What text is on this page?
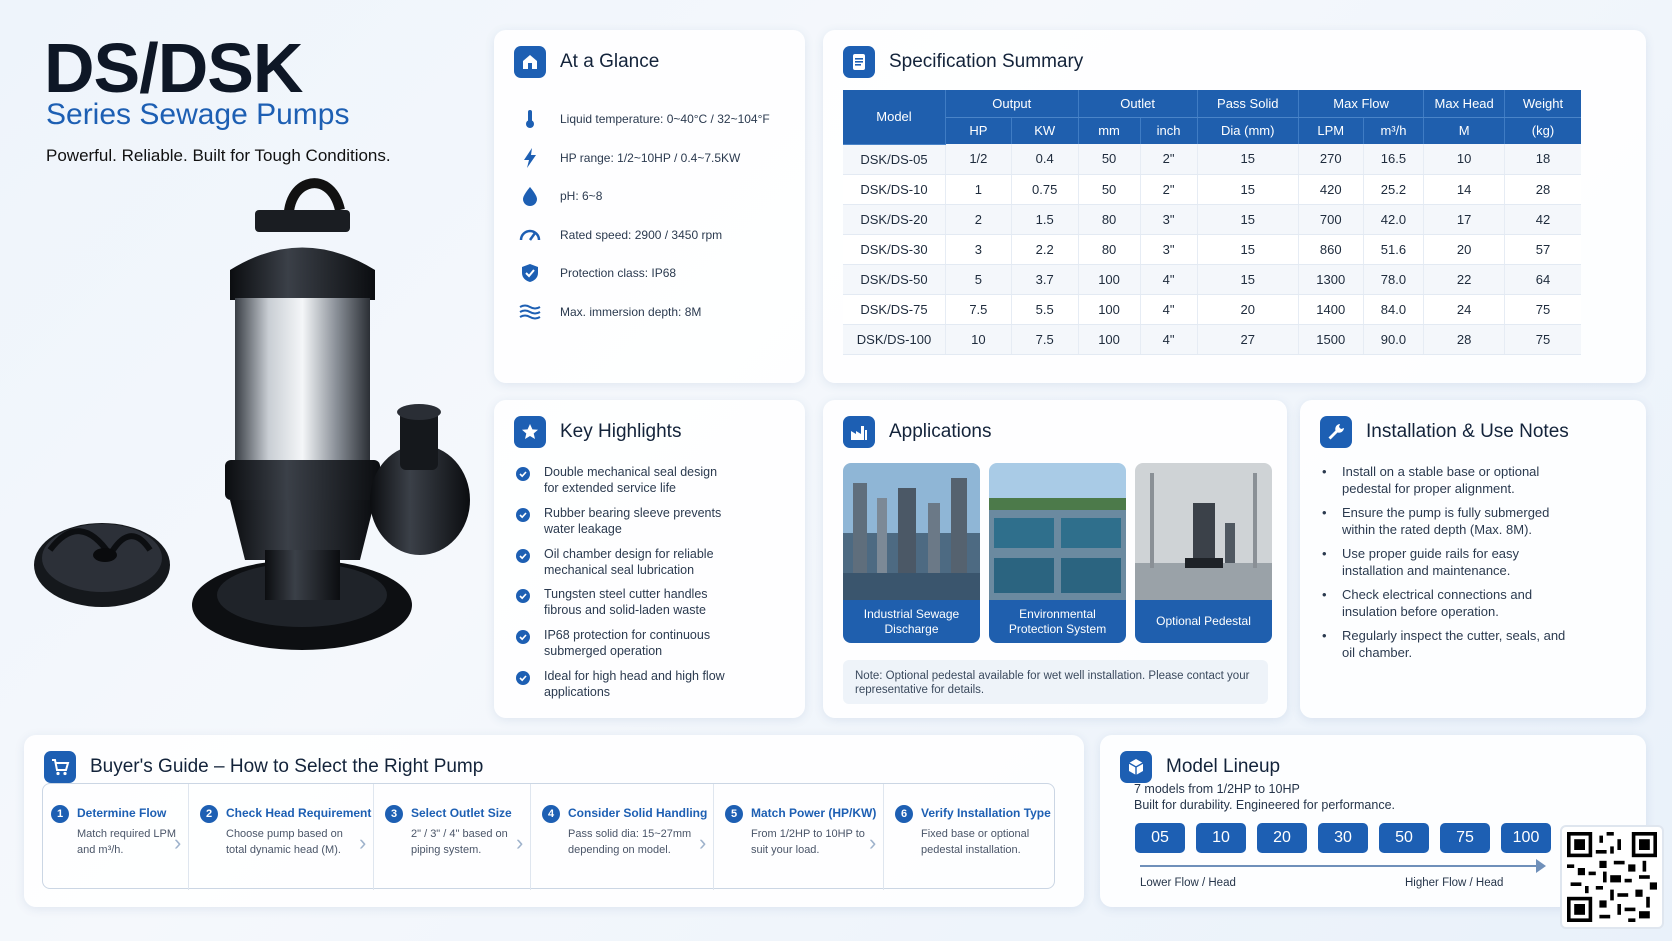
DS/DSK
Series Sewage Pumps
Powerful. Reliable. Built for Tough Conditions.
At a Glance
Liquid temperature: 0~40°C / 32~104°F
HP range: 1/2~10HP / 0.4~7.5KW
pH: 6~8
Rated speed: 2900 / 3450 rpm
Protection class: IP68
Max. immersion depth: 8M
Specification Summary
Model	Output		Outlet		Pass Solid	Max Flow		Max Head	Weight
	HP	KW	mm	inch	Dia (mm)	LPM	m³/h	M	(kg)
DSK/DS-05	1/2	0.4	50	2"	15	270	16.5	10	18
DSK/DS-10	1	0.75	50	2"	15	420	25.2	14	28
DSK/DS-20	2	1.5	80	3"	15	700	42.0	17	42
DSK/DS-30	3	2.2	80	3"	15	860	51.6	20	57
DSK/DS-50	5	3.7	100	4"	15	1300	78.0	22	64
DSK/DS-75	7.5	5.5	100	4"	20	1400	84.0	24	75
DSK/DS-100	10	7.5	100	4"	27	1500	90.0	28	75
Key Highlights
Double mechanical seal design for extended service life
Rubber bearing sleeve prevents water leakage
Oil chamber design for reliable mechanical seal lubrication
Tungsten steel cutter handles fibrous and solid-laden waste
IP68 protection for continuous submerged operation
Ideal for high head and high flow applications
Applications
Industrial Sewage Discharge
Environmental Protection System
Optional Pedestal
Note: Optional pedestal available for wet well installation. Please contact your representative for details.
Installation & Use Notes
•	Install on a stable base or optional pedestal for proper alignment.
•	Ensure the pump is fully submerged within the rated depth (Max. 8M).
•	Use proper guide rails for easy installation and maintenance.
•	Check electrical connections and insulation before operation.
•	Regularly inspect the cutter, seals, and oil chamber.
Buyer's Guide – How to Select the Right Pump
1	Determine Flow
Match required LPM and m³/h.	›
2	Check Head Requirement
Choose pump based on total dynamic head (M). ›
3	Select Outlet Size
2" / 3" / 4" based on piping system.	›
4	Consider Solid Handling
Pass solid dia: 15~27mm depending on model.	›
5	Match Power (HP/KW)
From 1/2HP to 10HP to suit your load.	›
6	Verify Installation Type
Fixed base or optional pedestal installation.
Model Lineup
7 models from 1/2HP to 10HP
Built for durability. Engineered for performance.
05	10	20	30	50	75	100
Lower Flow / Head	Higher Flow / Head
